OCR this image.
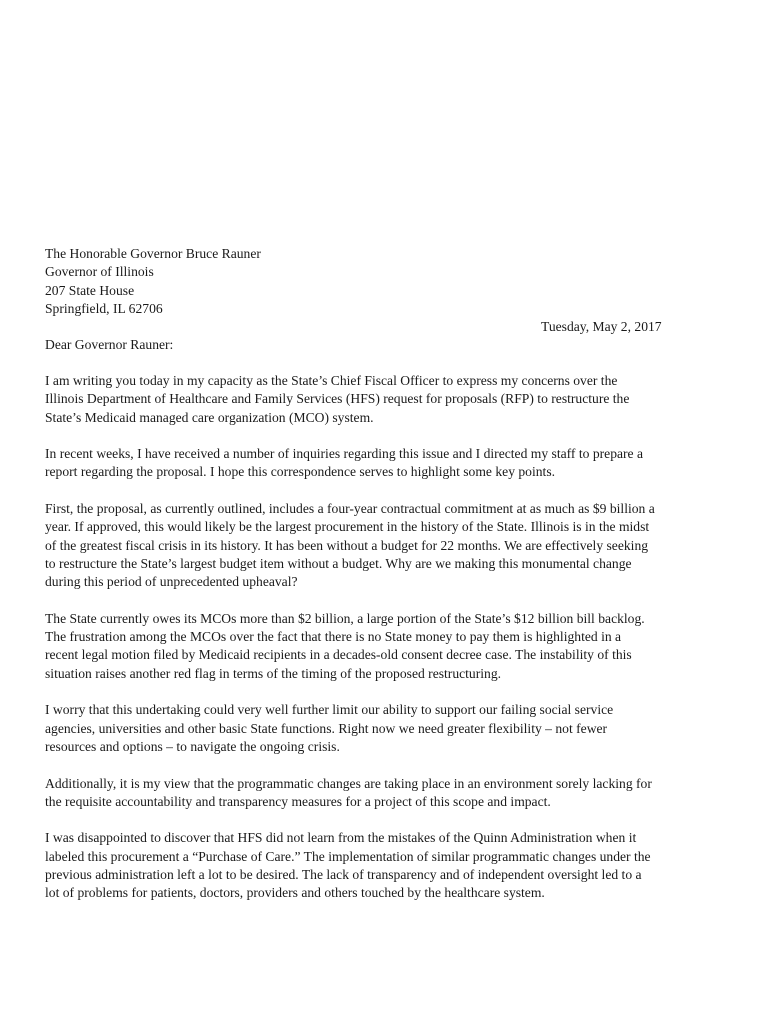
The Honorable Governor Bruce Rauner
Governor of Illinois
207 State House
Springfield, IL 62706
Tuesday, May 2, 2017
Dear Governor Rauner:

I am writing you today in my capacity as the State’s Chief Fiscal Officer to express my concerns over the
Illinois Department of Healthcare and Family Services (HFS) request for proposals (RFP) to restructure the
State’s Medicaid managed care organization (MCO) system.

In recent weeks, I have received a number of inquiries regarding this issue and I directed my staff to prepare a
report regarding the proposal. I hope this correspondence serves to highlight some key points.

First, the proposal, as currently outlined, includes a four-year contractual commitment at as much as $9 billion a
year. If approved, this would likely be the largest procurement in the history of the State. Illinois is in the midst
of the greatest fiscal crisis in its history. It has been without a budget for 22 months. We are effectively seeking
to restructure the State’s largest budget item without a budget. Why are we making this monumental change
during this period of unprecedented upheaval?

The State currently owes its MCOs more than $2 billion, a large portion of the State’s $12 billion bill backlog.
The frustration among the MCOs over the fact that there is no State money to pay them is highlighted in a
recent legal motion filed by Medicaid recipients in a decades-old consent decree case. The instability of this
situation raises another red flag in terms of the timing of the proposed restructuring.

I worry that this undertaking could very well further limit our ability to support our failing social service
agencies, universities and other basic State functions. Right now we need greater flexibility – not fewer
resources and options – to navigate the ongoing crisis.

Additionally, it is my view that the programmatic changes are taking place in an environment sorely lacking for
the requisite accountability and transparency measures for a project of this scope and impact.

I was disappointed to discover that HFS did not learn from the mistakes of the Quinn Administration when it
labeled this procurement a “Purchase of Care.” The implementation of similar programmatic changes under the
previous administration left a lot to be desired. The lack of transparency and of independent oversight led to a
lot of problems for patients, doctors, providers and others touched by the healthcare system.
